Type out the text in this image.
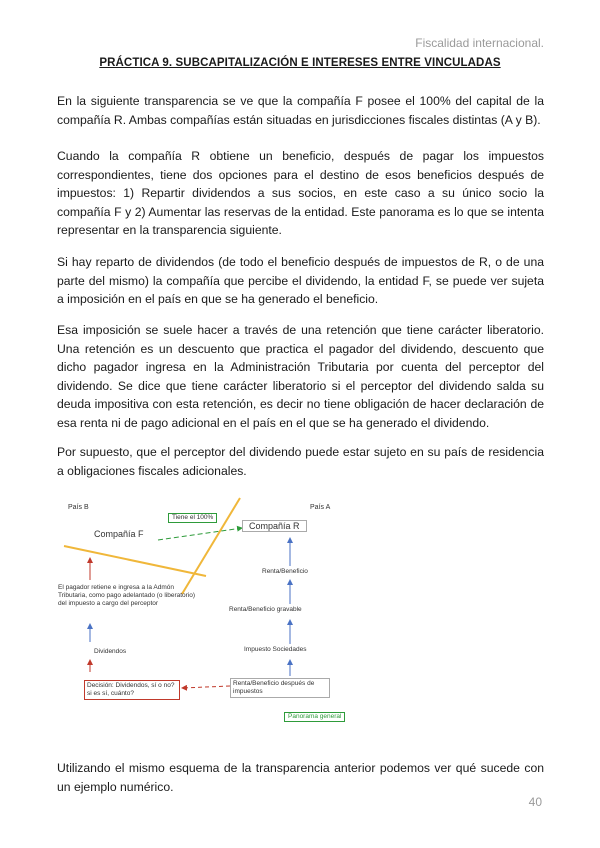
Fiscalidad internacional.
PRÁCTICA 9. SUBCAPITALIZACIÓN E INTERESES ENTRE VINCULADAS
En la siguiente transparencia se ve que la compañía F posee el 100% del capital de la compañía R. Ambas compañías están situadas en jurisdicciones fiscales distintas (A y B).
Cuando la compañía R obtiene un beneficio, después de pagar los impuestos correspondientes, tiene dos opciones para el destino de esos beneficios después de impuestos: 1) Repartir dividendos a sus socios, en este caso a su único socio la compañía F y 2) Aumentar las reservas de la entidad. Este panorama es lo que se intenta representar en la transparencia siguiente.
Si hay reparto de dividendos (de todo el beneficio después de impuestos de R, o de una parte del mismo) la compañía que percibe el dividendo, la entidad F, se puede ver sujeta a imposición en el país en que se ha generado el beneficio.
Esa imposición se suele hacer a través de una retención que tiene carácter liberatorio. Una retención es un descuento que practica el pagador del dividendo, descuento que dicho pagador ingresa en la Administración Tributaria por cuenta del perceptor del dividendo. Se dice que tiene carácter liberatorio si el perceptor del dividendo salda su deuda impositiva con esta retención, es decir no tiene obligación de hacer declaración de esa renta ni de pago adicional en el país en el que se ha generado el dividendo.
Por supuesto, que el perceptor del dividendo puede estar sujeto en su país de residencia a obligaciones fiscales adicionales.
País B	País A
Compañía F
Tiene el 100%
Compañía R
Renta/Beneficio
Renta/Beneficio gravable
Impuesto Sociedades
Renta/Beneficio después de impuestos
Panorama general
Decisión: Dividendos, sí o no? si es sí, cuánto?
Dividendos
El pagador retiene e ingresa a la Admón Tributaria, como pago adelantado (o liberatorio) del impuesto a cargo del perceptor
Utilizando el mismo esquema de la transparencia anterior podemos ver qué sucede con un ejemplo numérico.
40
